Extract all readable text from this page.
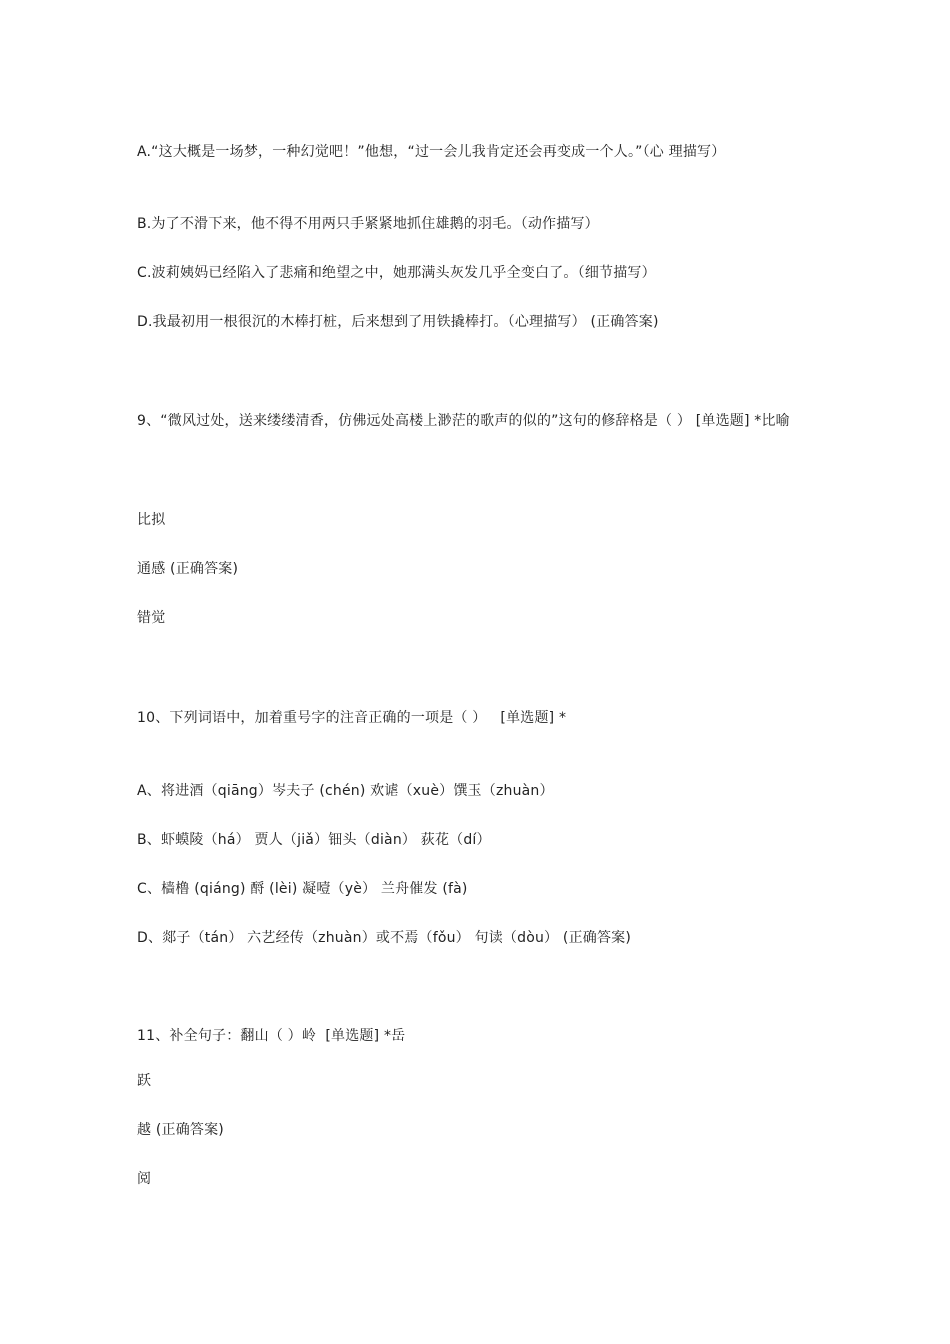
A.“这大概是一场梦，一种幻觉吧！”他想，“过一会儿我肯定还会再变成一个人。”（心 理描写）
B.为了不滑下来，他不得不用两只手紧紧地抓住雄鹅的羽毛。（动作描写）
C.波莉姨妈已经陷入了悲痛和绝望之中，她那满头灰发几乎全变白了。（细节描写）
D.我最初用一根很沉的木棒打桩，后来想到了用铁撬棒打。（心理描写） (正确答案)
9、“微风过处，送来缕缕清香，仿佛远处高楼上渺茫的歌声的似的”这句的修辞格是（ ） [单选题] *比喻
比拟
通感 (正确答案)
错觉
10、下列词语中，加着重号字的注音正确的一项是（ ）   [单选题] *
A、将进酒（qiāng）岑夫子 (chén) 欢谑（xuè）馔玉（zhuàn）
B、虾蟆陵（há） 贾人（jiǎ）钿头（diàn） 荻花（dí）
C、樯橹 (qiáng) 酹 (lèi) 凝噎（yè） 兰舟催发 (fà)
D、郯子（tán） 六艺经传（zhuàn）或不焉（fǒu） 句读（dòu） (正确答案)
11、补全句子：翻山（ ）岭  [单选题] *岳
跃
越 (正确答案)
阅
